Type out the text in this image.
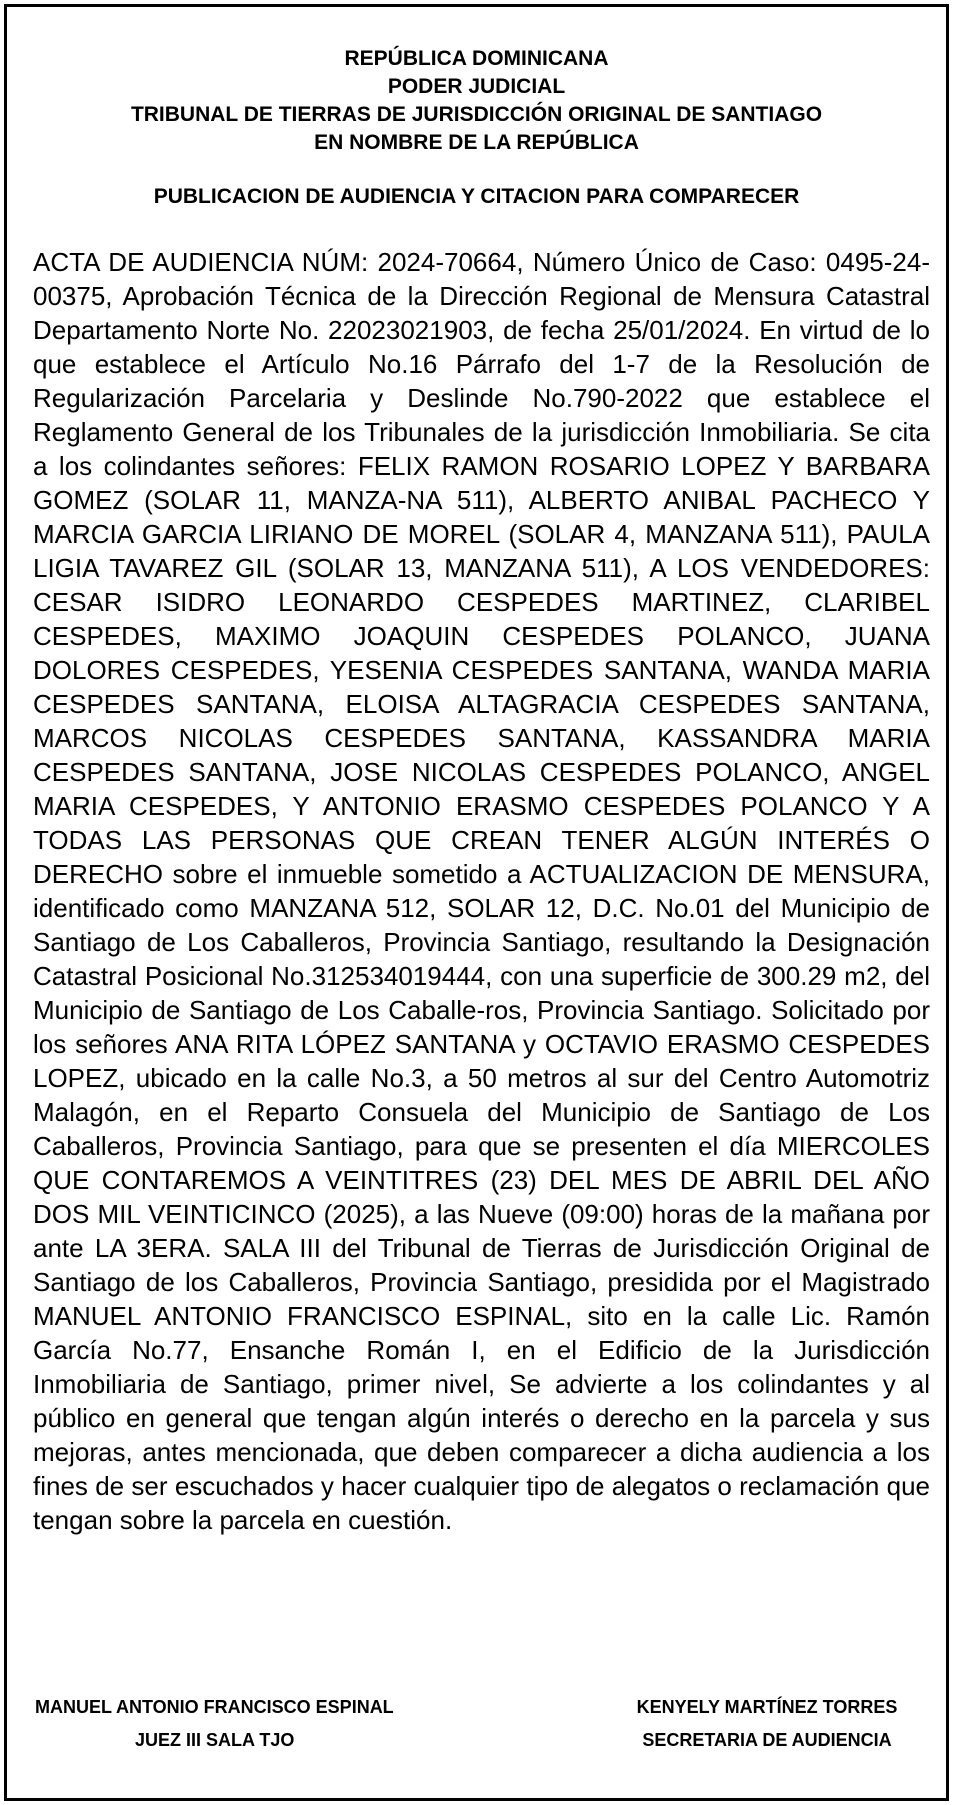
REPÚBLICA DOMINICANA
PODER JUDICIAL
TRIBUNAL DE TIERRAS DE JURISDICCIÓN ORIGINAL DE SANTIAGO
EN NOMBRE DE LA REPÚBLICA
PUBLICACION DE AUDIENCIA Y CITACION PARA COMPARECER

ACTA DE AUDIENCIA NÚM: 2024-70664, Número Único de Caso: 0495-24-00375, Aprobación Técnica de la Dirección Regional de Mensura Catastral Departamento Norte No. 22023021903, de fecha 25/01/2024. En virtud de lo que establece el Artículo No.16 Párrafo del 1-7 de la Resolución de Regularización Parcelaria y Deslinde No.790-2022 que establece el Reglamento General de los Tribunales de la jurisdicción Inmobiliaria. Se cita a los colindantes señores: FELIX RAMON ROSARIO LOPEZ Y BARBARA GOMEZ (SOLAR 11, MANZA-NA 511), ALBERTO ANIBAL PACHECO Y MARCIA GARCIA LIRIANO DE MOREL (SOLAR 4, MANZANA 511), PAULA LIGIA TAVAREZ GIL (SOLAR 13, MANZANA 511), A LOS VENDEDORES: CESAR ISIDRO LEONARDO CESPEDES MARTINEZ, CLARIBEL CESPEDES, MAXIMO JOAQUIN CESPEDES POLANCO, JUANA DOLORES CESPEDES, YESENIA CESPEDES SANTANA, WANDA MARIA CESPEDES SANTANA, ELOISA ALTAGRACIA CESPEDES SANTANA, MARCOS NICOLAS CESPEDES SANTANA, KASSANDRA MARIA CESPEDES SANTANA, JOSE NICOLAS CESPEDES POLANCO, ANGEL MARIA CESPEDES, Y ANTONIO ERASMO CESPEDES POLANCO Y A TODAS LAS PERSONAS QUE CREAN TENER ALGÚN INTERÉS O DERECHO sobre el inmueble sometido a ACTUALIZACION DE MENSURA, identificado como MANZANA 512, SOLAR 12, D.C. No.01 del Municipio de Santiago de Los Caballeros, Provincia Santiago, resultando la Designación Catastral Posicional No.312534019444, con una superficie de 300.29 m2, del Municipio de Santiago de Los Caballe-ros, Provincia Santiago. Solicitado por los señores ANA RITA LÓPEZ SANTANA y OCTAVIO ERASMO CESPEDES LOPEZ, ubicado en la calle No.3, a 50 metros al sur del Centro Automotriz Malagón, en el Reparto Consuela del Municipio de Santiago de Los Caballeros, Provincia Santiago, para que se presenten el día MIERCOLES QUE CONTAREMOS A VEINTITRES (23) DEL MES DE ABRIL DEL AÑO DOS MIL VEINTICINCO (2025), a las Nueve (09:00) horas de la mañana por ante LA 3ERA. SALA III del Tribunal de Tierras de Jurisdicción Original de Santiago de los Caballeros, Provincia Santiago, presidida por el Magistrado MANUEL ANTONIO FRANCISCO ESPINAL, sito en la calle Lic. Ramón García No.77, Ensanche Román I, en el Edificio de la Jurisdicción Inmobiliaria de Santiago, primer nivel, Se advierte a los colindantes y al público en general que tengan algún interés o derecho en la parcela y sus mejoras, antes mencionada, que deben comparecer a dicha audiencia a los fines de ser escuchados y hacer cualquier tipo de alegatos o reclamación que tengan sobre la parcela en cuestión.

MANUEL ANTONIO FRANCISCO ESPINAL
JUEZ III SALA TJO
KENYELY MARTÍNEZ TORRES
SECRETARIA DE AUDIENCIA
